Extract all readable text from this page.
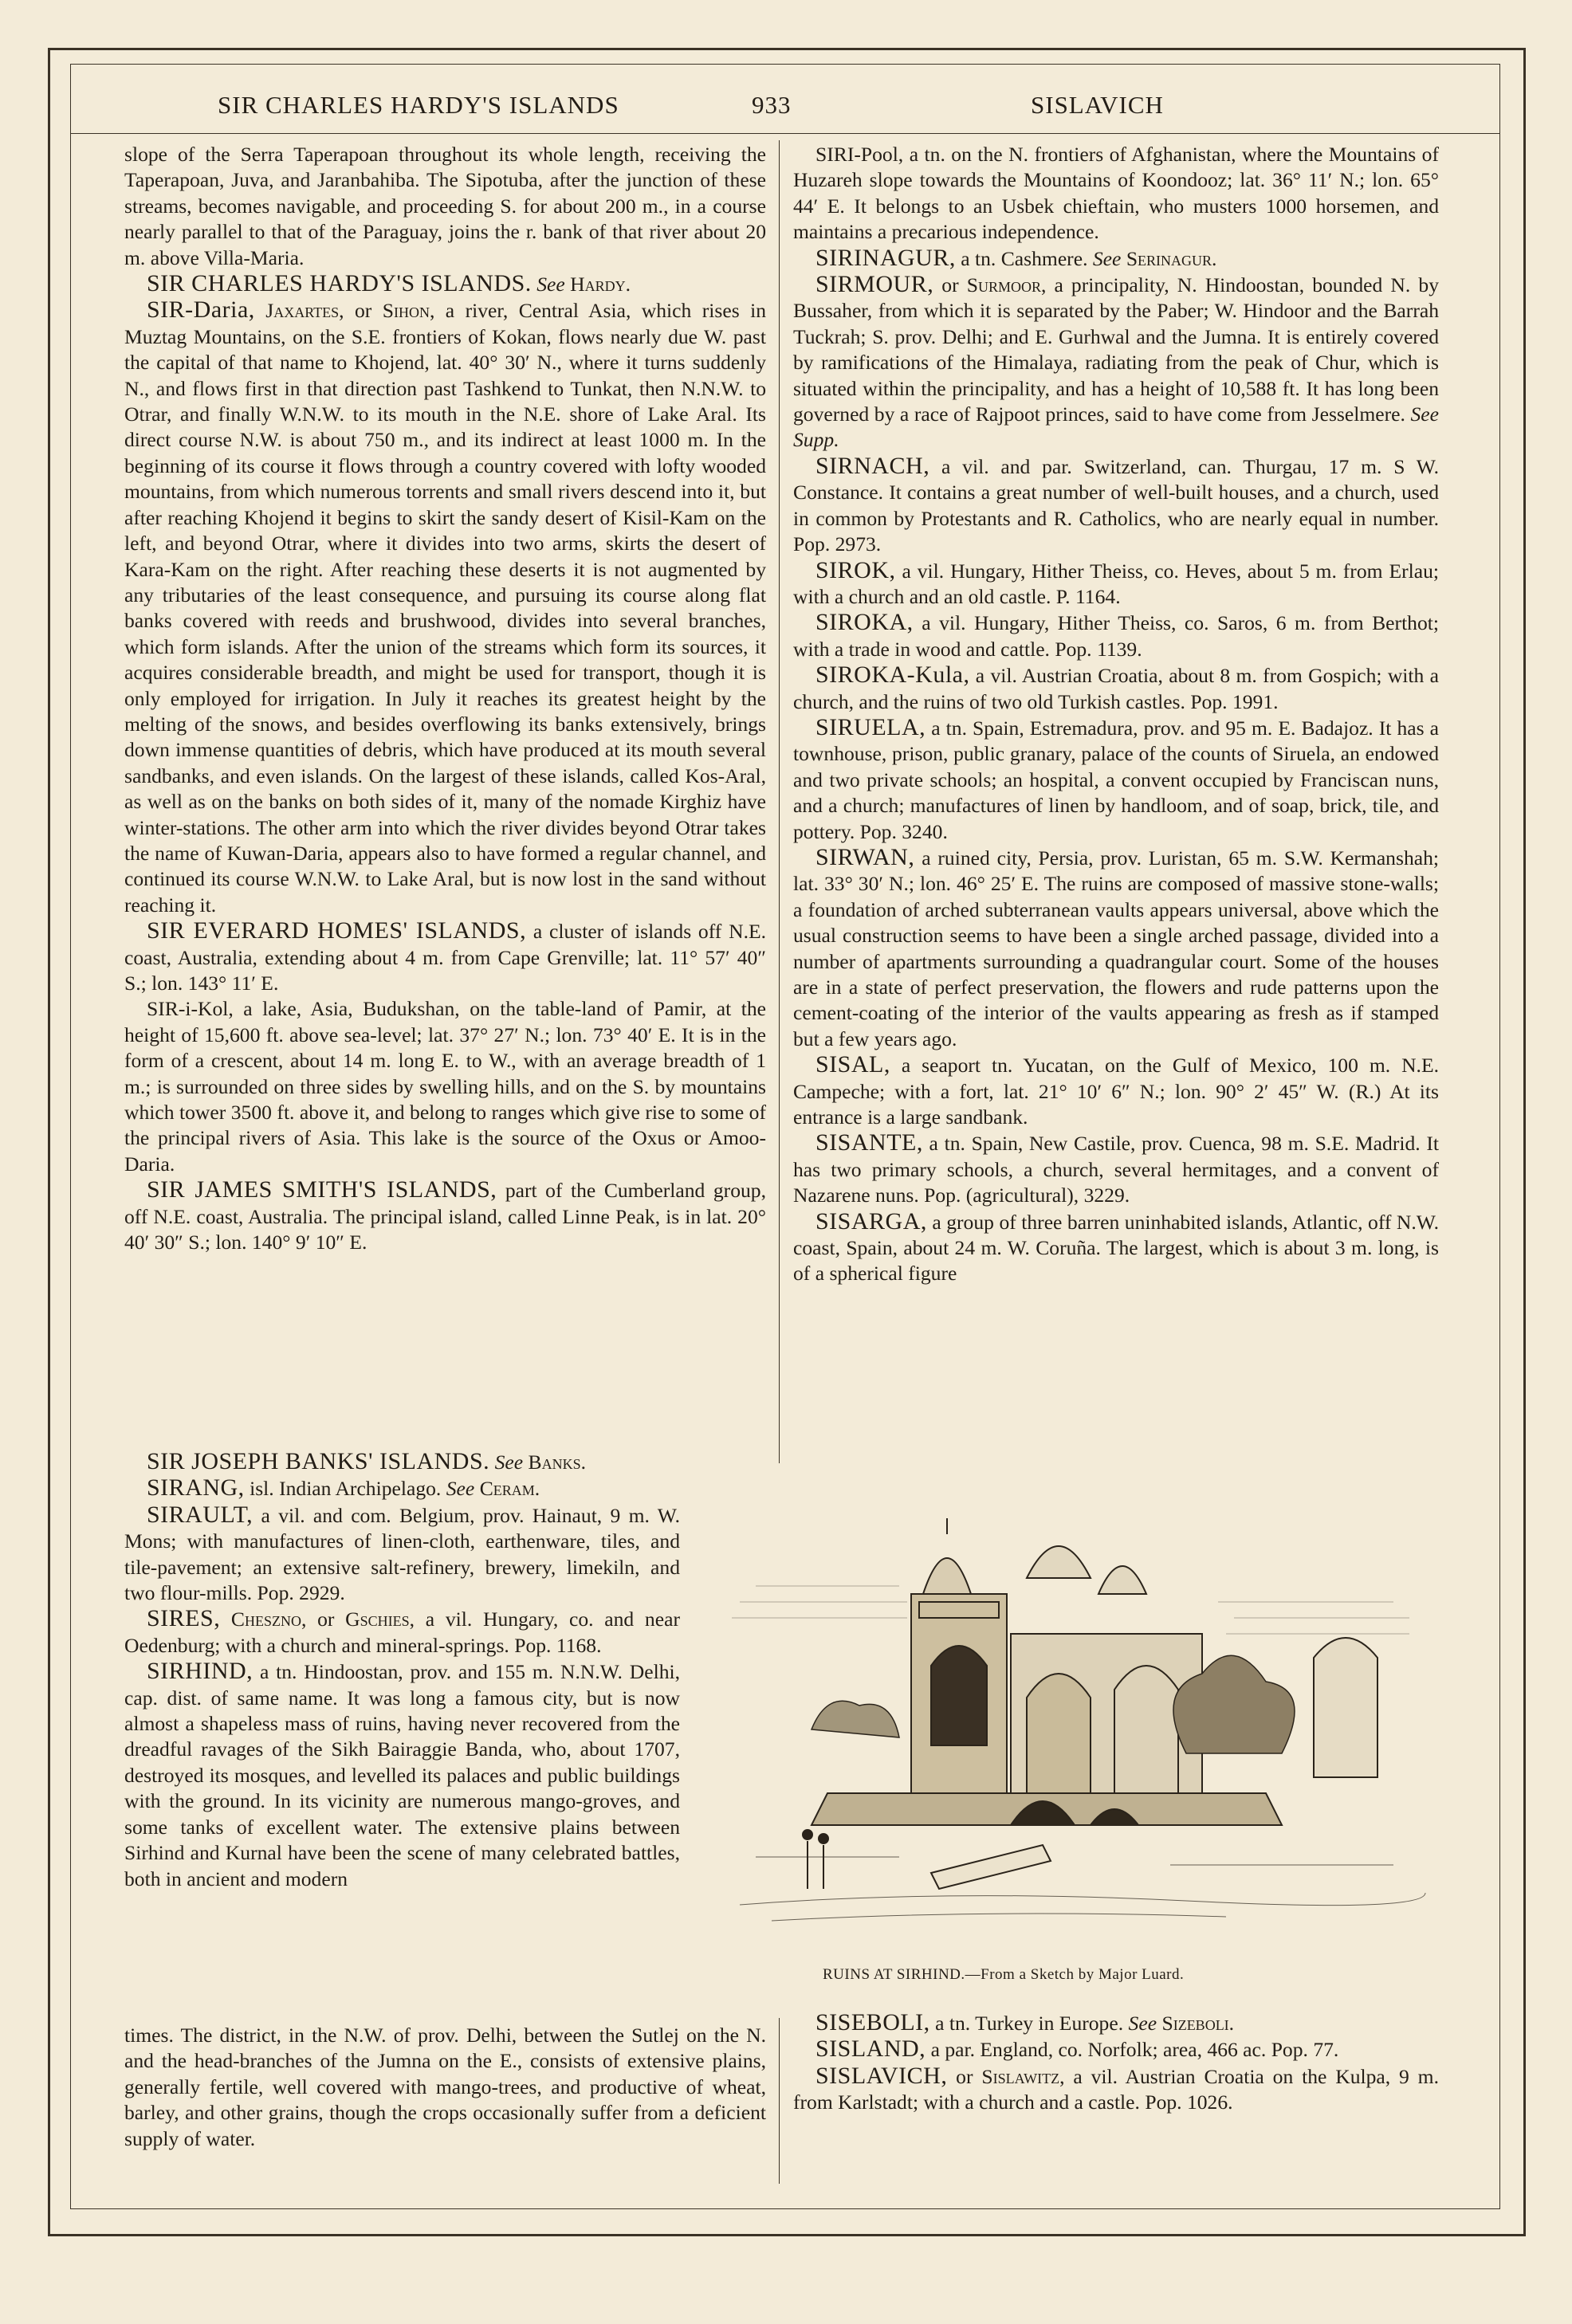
SIR CHARLES HARDY'S ISLANDS	933	SISLAVICH

slope of the Serra Taperapoan throughout its whole length, receiving the Taperapoan, Juva, and Jaranbahiba. The Sipotuba, after the junction of these streams, becomes navigable, and proceeding S. for about 200 m., in a course nearly parallel to that of the Paraguay, joins the r. bank of that river about 20 m. above Villa-Maria.

SIR CHARLES HARDY'S ISLANDS. See Hardy.

SIR-Daria, Jaxartes, or Sihon, a river, Central Asia, which rises in Muztag Mountains, on the S.E. frontiers of Kokan, flows nearly due W. past the capital of that name to Khojend, lat. 40° 30′ N., where it turns suddenly N., and flows first in that direction past Tashkend to Tunkat, then N.N.W. to Otrar, and finally W.N.W. to its mouth in the N.E. shore of Lake Aral. Its direct course N.W. is about 750 m., and its indirect at least 1000 m. In the beginning of its course it flows through a country covered with lofty wooded mountains, from which numerous torrents and small rivers descend into it, but after reaching Khojend it begins to skirt the sandy desert of Kisil-Kam on the left, and beyond Otrar, where it divides into two arms, skirts the desert of Kara-Kam on the right. After reaching these deserts it is not augmented by any tributaries of the least consequence, and pursuing its course along flat banks covered with reeds and brushwood, divides into several branches, which form islands. After the union of the streams which form its sources, it acquires considerable breadth, and might be used for transport, though it is only employed for irrigation. In July it reaches its greatest height by the melting of the snows, and besides overflowing its banks extensively, brings down immense quantities of debris, which have produced at its mouth several sandbanks, and even islands. On the largest of these islands, called Kos-Aral, as well as on the banks on both sides of it, many of the nomade Kirghiz have winter-stations. The other arm into which the river divides beyond Otrar takes the name of Kuwan-Daria, appears also to have formed a regular channel, and continued its course W.N.W. to Lake Aral, but is now lost in the sand without reaching it.

SIR EVERARD HOMES' ISLANDS, a cluster of islands off N.E. coast, Australia, extending about 4 m. from Cape Grenville; lat. 11° 57′ 40″ S.; lon. 143° 11′ E.

SIR-i-Kol, a lake, Asia, Budukshan, on the table-land of Pamir, at the height of 15,600 ft. above sea-level; lat. 37° 27′ N.; lon. 73° 40′ E. It is in the form of a crescent, about 14 m. long E. to W., with an average breadth of 1 m.; is surrounded on three sides by swelling hills, and on the S. by mountains which tower 3500 ft. above it, and belong to ranges which give rise to some of the principal rivers of Asia. This lake is the source of the Oxus or Amoo-Daria.

SIR JAMES SMITH'S ISLANDS, part of the Cumberland group, off N.E. coast, Australia. The principal island, called Linne Peak, is in lat. 20° 40′ 30″ S.; lon. 140° 9′ 10″ E.

SIR JOSEPH BANKS' ISLANDS. See Banks.

SIRANG, isl. Indian Archipelago. See Ceram.

SIRAULT, a vil. and com. Belgium, prov. Hainaut, 9 m. W. Mons; with manufactures of linen-cloth, earthenware, tiles, and tile-pavement; an extensive salt-refinery, brewery, limekiln, and two flour-mills. Pop. 2929.

SIRES, Cheszno, or Gschies, a vil. Hungary, co. and near Oedenburg; with a church and mineral-springs. Pop. 1168.

SIRHIND, a tn. Hindoostan, prov. and 155 m. N.N.W. Delhi, cap. dist. of same name. It was long a famous city, but is now almost a shapeless mass of ruins, having never recovered from the dreadful ravages of the Sikh Bairaggie Banda, who, about 1707, destroyed its mosques, and levelled its palaces and public buildings with the ground. In its vicinity are numerous mango-groves, and some tanks of excellent water. The extensive plains between Sirhind and Kurnal have been the scene of many celebrated battles, both in ancient and modern

times. The district, in the N.W. of prov. Delhi, between the Sutlej on the N. and the head-branches of the Jumna on the E., consists of extensive plains, generally fertile, well covered with mango-trees, and productive of wheat, barley, and other grains, though the crops occasionally suffer from a deficient supply of water.

SIRI-Pool, a tn. on the N. frontiers of Afghanistan, where the Mountains of Huzareh slope towards the Mountains of Koondooz; lat. 36° 11′ N.; lon. 65° 44′ E. It belongs to an Usbek chieftain, who musters 1000 horsemen, and maintains a precarious independence.

SIRINAGUR, a tn. Cashmere. See Serinagur.

SIRMOUR, or Surmoor, a principality, N. Hindoostan, bounded N. by Bussaher, from which it is separated by the Paber; W. Hindoor and the Barrah Tuckrah; S. prov. Delhi; and E. Gurhwal and the Jumna. It is entirely covered by ramifications of the Himalaya, radiating from the peak of Chur, which is situated within the principality, and has a height of 10,588 ft. It has long been governed by a race of Rajpoot princes, said to have come from Jesselmere. See Supp.

SIRNACH, a vil. and par. Switzerland, can. Thurgau, 17 m. S W. Constance. It contains a great number of well-built houses, and a church, used in common by Protestants and R. Catholics, who are nearly equal in number. Pop. 2973.

SIROK, a vil. Hungary, Hither Theiss, co. Heves, about 5 m. from Erlau; with a church and an old castle. P. 1164.

SIROKA, a vil. Hungary, Hither Theiss, co. Saros, 6 m. from Berthot; with a trade in wood and cattle. Pop. 1139.

SIROKA-Kula, a vil. Austrian Croatia, about 8 m. from Gospich; with a church, and the ruins of two old Turkish castles. Pop. 1991.

SIRUELA, a tn. Spain, Estremadura, prov. and 95 m. E. Badajoz. It has a townhouse, prison, public granary, palace of the counts of Siruela, an endowed and two private schools; an hospital, a convent occupied by Franciscan nuns, and a church; manufactures of linen by handloom, and of soap, brick, tile, and pottery. Pop. 3240.

SIRWAN, a ruined city, Persia, prov. Luristan, 65 m. S.W. Kermanshah; lat. 33° 30′ N.; lon. 46° 25′ E. The ruins are composed of massive stone-walls; a foundation of arched subterranean vaults appears universal, above which the usual construction seems to have been a single arched passage, divided into a number of apartments surrounding a quadrangular court. Some of the houses are in a state of perfect preservation, the flowers and rude patterns upon the cement-coating of the interior of the vaults appearing as fresh as if stamped but a few years ago.

SISAL, a seaport tn. Yucatan, on the Gulf of Mexico, 100 m. N.E. Campeche; with a fort, lat. 21° 10′ 6″ N.; lon. 90° 2′ 45″ W. (R.) At its entrance is a large sandbank.

SISANTE, a tn. Spain, New Castile, prov. Cuenca, 98 m. S.E. Madrid. It has two primary schools, a church, several hermitages, and a convent of Nazarene nuns. Pop. (agricultural), 3229.

SISARGA, a group of three barren uninhabited islands, Atlantic, off N.W. coast, Spain, about 24 m. W. Coruña. The largest, which is about 3 m. long, is of a spherical figure

RUINS AT SIRHIND.—From a Sketch by Major Luard.

SISEBOLI, a tn. Turkey in Europe. See Sizeboli.

SISLAND, a par. England, co. Norfolk; area, 466 ac. Pop. 77.

SISLAVICH, or Sislawitz, a vil. Austrian Croatia on the Kulpa, 9 m. from Karlstadt; with a church and a castle. Pop. 1026.
